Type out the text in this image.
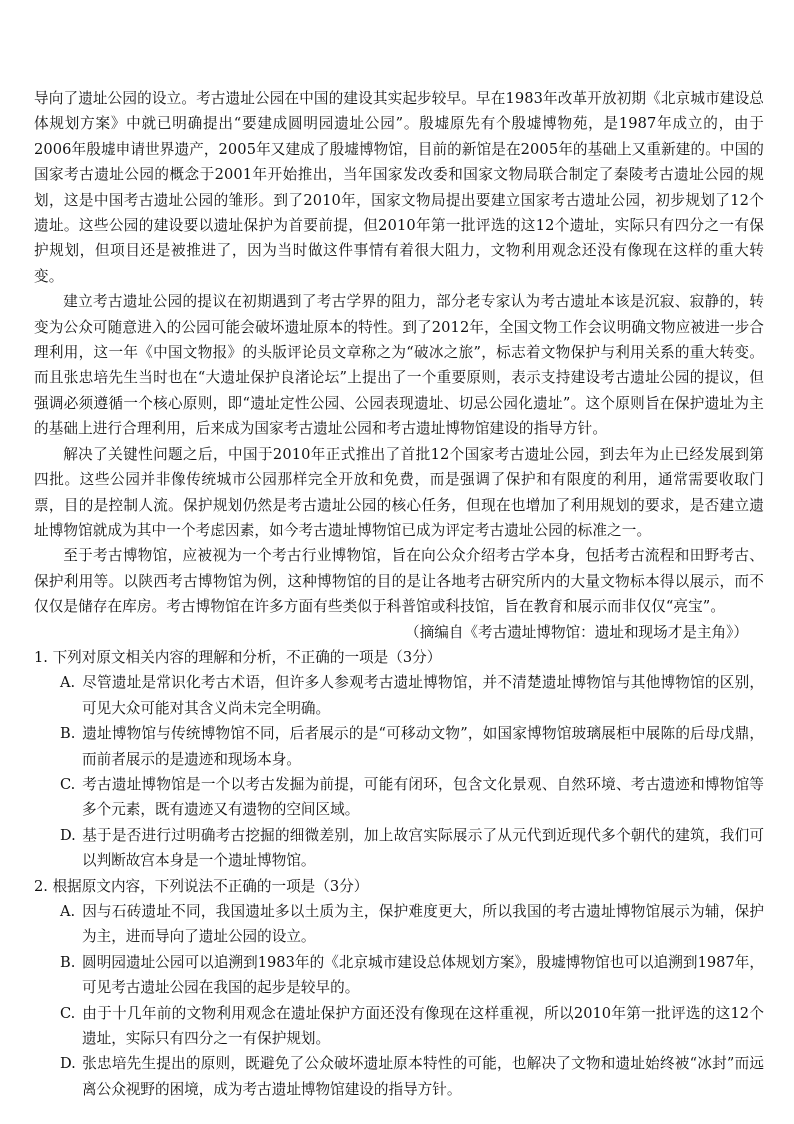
导向了遗址公园的设立。考古遗址公园在中国的建设其实起步较早。早在1983年改革开放初期《北京城市建设总体规划方案》中就已明确提出“要建成圆明园遗址公园”。殷墟原先有个殷墟博物苑，是1987年成立的，由于2006年殷墟申请世界遗产，2005年又建成了殷墟博物馆，目前的新馆是在2005年的基础上又重新建的。中国的国家考古遗址公园的概念于2001年开始推出，当年国家发改委和国家文物局联合制定了秦陵考古遗址公园的规划，这是中国考古遗址公园的雏形。到了2010年，国家文物局提出要建立国家考古遗址公园，初步规划了12个遗址。这些公园的建设要以遗址保护为首要前提，但2010年第一批评选的这12个遗址，实际只有四分之一有保护规划，但项目还是被推进了，因为当时做这件事情有着很大阻力，文物利用观念还没有像现在这样的重大转变。

建立考古遗址公园的提议在初期遇到了考古学界的阻力，部分老专家认为考古遗址本该是沉寂、寂静的，转变为公众可随意进入的公园可能会破坏遗址原本的特性。到了2012年，全国文物工作会议明确文物应被进一步合理利用，这一年《中国文物报》的头版评论员文章称之为“破冰之旅”，标志着文物保护与利用关系的重大转变。而且张忠培先生当时也在“大遗址保护良渚论坛”上提出了一个重要原则，表示支持建设考古遗址公园的提议，但强调必须遵循一个核心原则，即“遗址定性公园、公园表现遗址、切忌公园化遗址”。这个原则旨在保护遗址为主的基础上进行合理利用，后来成为国家考古遗址公园和考古遗址博物馆建设的指导方针。

解决了关键性问题之后，中国于2010年正式推出了首批12个国家考古遗址公园，到去年为止已经发展到第四批。这些公园并非像传统城市公园那样完全开放和免费，而是强调了保护和有限度的利用，通常需要收取门票，目的是控制人流。保护规划仍然是考古遗址公园的核心任务，但现在也增加了利用规划的要求，是否建立遗址博物馆就成为其中一个考虑因素，如今考古遗址博物馆已成为评定考古遗址公园的标准之一。

至于考古博物馆，应被视为一个考古行业博物馆，旨在向公众介绍考古学本身，包括考古流程和田野考古、保护利用等。以陕西考古博物馆为例，这种博物馆的目的是让各地考古研究所内的大量文物标本得以展示，而不仅仅是储存在库房。考古博物馆在许多方面有些类似于科普馆或科技馆，旨在教育和展示而非仅仅“亮宝”。

（摘编自《考古遗址博物馆：遗址和现场才是主角》）

1. 下列对原文相关内容的理解和分析，不正确的一项是（3分）

A. 尽管遗址是常识化考古术语，但许多人参观考古遗址博物馆，并不清楚遗址博物馆与其他博物馆的区别，可见大众可能对其含义尚未完全明确。

B. 遗址博物馆与传统博物馆不同，后者展示的是“可移动文物”，如国家博物馆玻璃展柜中展陈的后母戊鼎，而前者展示的是遗迹和现场本身。

C. 考古遗址博物馆是一个以考古发掘为前提，可能有闭环，包含文化景观、自然环境、考古遗迹和博物馆等多个元素，既有遗迹又有遗物的空间区域。

D. 基于是否进行过明确考古挖掘的细微差别，加上故宫实际展示了从元代到近现代多个朝代的建筑，我们可以判断故宫本身是一个遗址博物馆。

2. 根据原文内容，下列说法不正确的一项是（3分）

A. 因与石砖遗址不同，我国遗址多以土质为主，保护难度更大，所以我国的考古遗址博物馆展示为辅，保护为主，进而导向了遗址公园的设立。

B. 圆明园遗址公园可以追溯到1983年的《北京城市建设总体规划方案》，殷墟博物馆也可以追溯到1987年，可见考古遗址公园在我国的起步是较早的。

C. 由于十几年前的文物利用观念在遗址保护方面还没有像现在这样重视，所以2010年第一批评选的这12个遗址，实际只有四分之一有保护规划。

D. 张忠培先生提出的原则，既避免了公众破坏遗址原本特性的可能，也解决了文物和遗址始终被“冰封”而远离公众视野的困境，成为考古遗址博物馆建设的指导方针。
